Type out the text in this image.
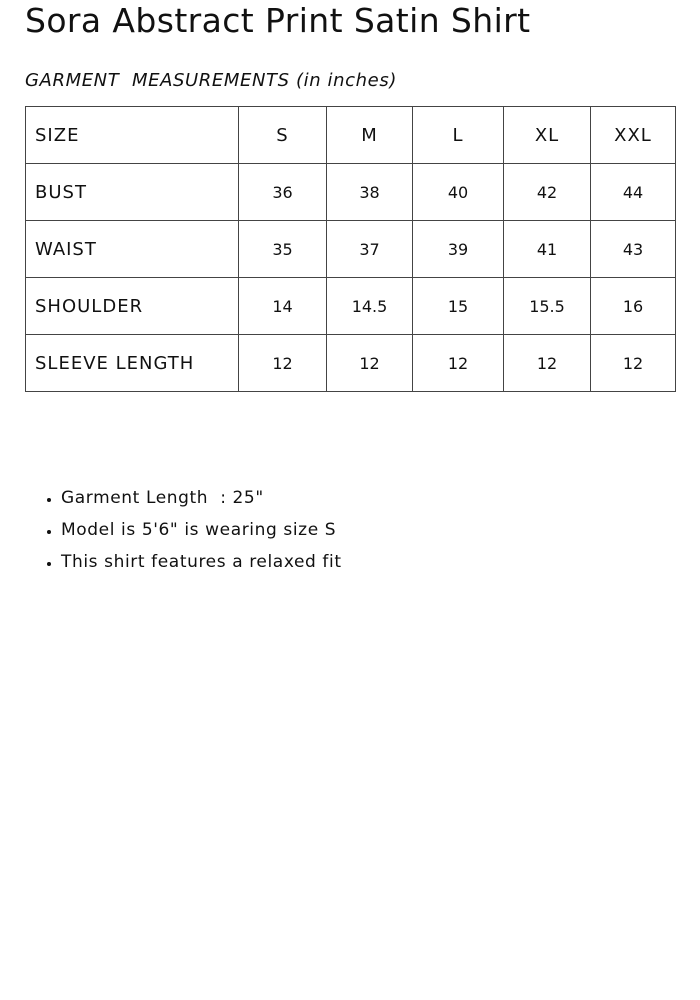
Sora Abstract Print Satin Shirt
GARMENT  MEASUREMENTS (in inches)
SIZE	S	M	L	XL	XXL
BUST	36	38	40	42	44
WAIST	35	37	39	41	43
SHOULDER	14	14.5	15	15.5	16
SLEEVE LENGTH	12	12	12	12	12
• Garment Length  : 25"
• Model is 5'6" is wearing size S
• This shirt features a relaxed fit
